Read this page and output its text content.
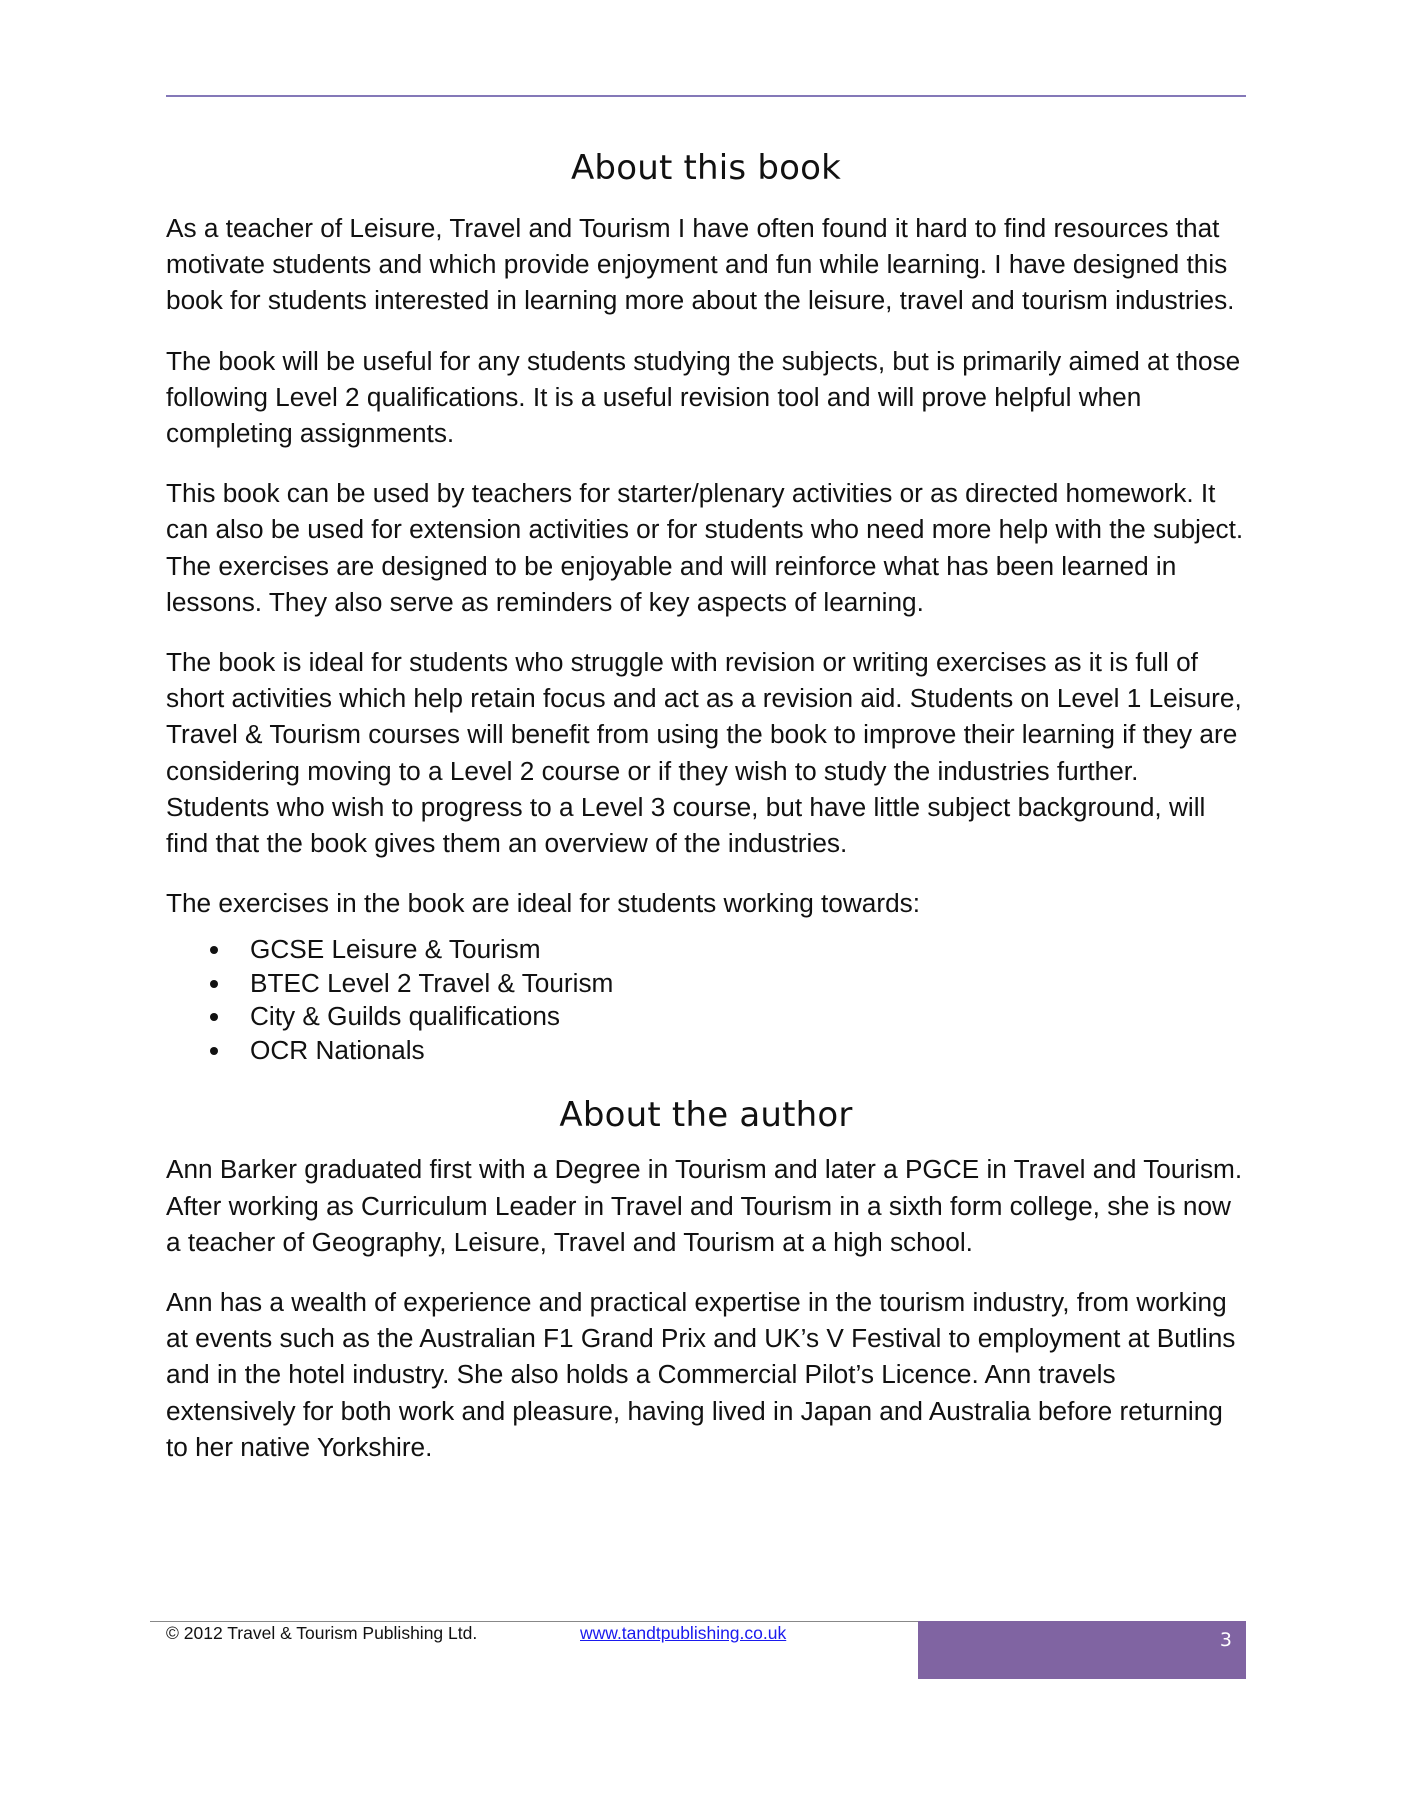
About this book

As a teacher of Leisure, Travel and Tourism I have often found it hard to find resources that motivate students and which provide enjoyment and fun while learning. I have designed this book for students interested in learning more about the leisure, travel and tourism industries.

The book will be useful for any students studying the subjects, but is primarily aimed at those following Level 2 qualifications. It is a useful revision tool and will prove helpful when completing assignments.

This book can be used by teachers for starter/plenary activities or as directed homework. It can also be used for extension activities or for students who need more help with the subject. The exercises are designed to be enjoyable and will reinforce what has been learned in lessons. They also serve as reminders of key aspects of learning.

The book is ideal for students who struggle with revision or writing exercises as it is full of short activities which help retain focus and act as a revision aid. Students on Level 1 Leisure, Travel & Tourism courses will benefit from using the book to improve their learning if they are considering moving to a Level 2 course or if they wish to study the industries further. Students who wish to progress to a Level 3 course, but have little subject background, will find that the book gives them an overview of the industries.

The exercises in the book are ideal for students working towards:

GCSE Leisure & Tourism
BTEC Level 2 Travel & Tourism
City & Guilds qualifications
OCR Nationals
About the author

Ann Barker graduated first with a Degree in Tourism and later a PGCE in Travel and Tourism. After working as Curriculum Leader in Travel and Tourism in a sixth form college, she is now a teacher of Geography, Leisure, Travel and Tourism at a high school.

Ann has a wealth of experience and practical expertise in the tourism industry, from working at events such as the Australian F1 Grand Prix and UK’s V Festival to employment at Butlins and in the hotel industry. She also holds a Commercial Pilot’s Licence. Ann travels extensively for both work and pleasure, having lived in Japan and Australia before returning to her native Yorkshire.

© 2012 Travel & Tourism Publishing Ltd.	www.tandtpublishing.co.uk	3
